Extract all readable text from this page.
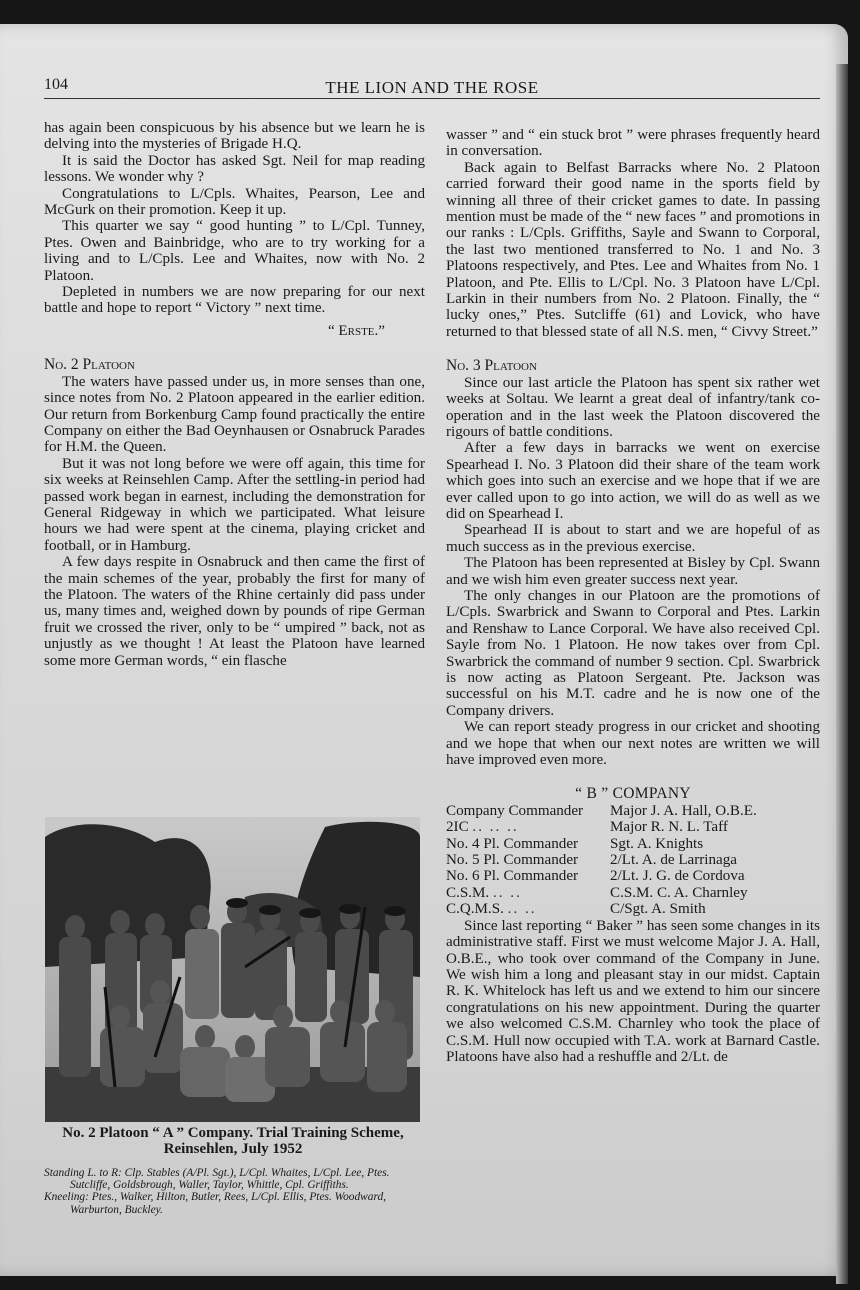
104	THE LION AND THE ROSE

has again been conspicuous by his absence but we learn he is delving into the mysteries of Brigade H.Q.

It is said the Doctor has asked Sgt. Neil for map reading lessons. We wonder why ?

Congratulations to L/Cpls. Whaites, Pearson, Lee and McGurk on their promotion. Keep it up.

This quarter we say “ good hunting ” to L/Cpl. Tunney, Ptes. Owen and Bainbridge, who are to try working for a living and to L/Cpls. Lee and Whaites, now with No. 2 Platoon.

Depleted in numbers we are now preparing for our next battle and hope to report “ Victory ” next time.

“ Erste.”

No. 2 Platoon

The waters have passed under us, in more senses than one, since notes from No. 2 Platoon appeared in the earlier edition. Our return from Borkenburg Camp found practically the entire Company on either the Bad Oeynhausen or Osnabruck Parades for H.M. the Queen.

But it was not long before we were off again, this time for six weeks at Reinsehlen Camp. After the settling-in period had passed work began in earnest, including the demonstration for General Ridgeway in which we participated. What leisure hours we had were spent at the cinema, playing cricket and football, or in Hamburg.

A few days respite in Osnabruck and then came the first of the main schemes of the year, probably the first for many of the Platoon. The waters of the Rhine certainly did pass under us, many times and, weighed down by pounds of ripe German fruit we crossed the river, only to be “ umpired ” back, not as unjustly as we thought ! At least the Platoon have learned some more German words, “ ein flasche

No. 2 Platoon “ A ” Company. Trial Training Scheme, Reinsehlen, July 1952

Standing L. to R: Clp. Stables (A/Pl. Sgt.), L/Cpl. Whaites, L/Cpl. Lee, Ptes. Sutcliffe, Goldsbrough, Waller, Taylor, Whittle, Cpl. Griffiths.

Kneeling: Ptes., Walker, Hilton, Butler, Rees, L/Cpl. Ellis, Ptes. Woodward, Warburton, Buckley.

wasser ” and “ ein stuck brot ” were phrases frequently heard in conversation.

Back again to Belfast Barracks where No. 2 Platoon carried forward their good name in the sports field by winning all three of their cricket games to date. In passing mention must be made of the “ new faces ” and promotions in our ranks : L/Cpls. Griffiths, Sayle and Swann to Corporal, the last two mentioned transferred to No. 1 and No. 3 Platoons respectively, and Ptes. Lee and Whaites from No. 1 Platoon, and Pte. Ellis to L/Cpl. No. 3 Platoon have L/Cpl. Larkin in their numbers from No. 2 Platoon. Finally, the “ lucky ones,” Ptes. Sutcliffe (61) and Lovick, who have returned to that blessed state of all N.S. men, “ Civvy Street.”

No. 3 Platoon

Since our last article the Platoon has spent six rather wet weeks at Soltau. We learnt a great deal of infantry/tank co-operation and in the last week the Platoon discovered the rigours of battle conditions.

After a few days in barracks we went on exercise Spearhead I. No. 3 Platoon did their share of the team work which goes into such an exercise and we hope that if we are ever called upon to go into action, we will do as well as we did on Spearhead I.

Spearhead II is about to start and we are hopeful of as much success as in the previous exercise.

The Platoon has been represented at Bisley by Cpl. Swann and we wish him even greater success next year.

The only changes in our Platoon are the promotions of L/Cpls. Swarbrick and Swann to Corporal and Ptes. Larkin and Renshaw to Lance Corporal. We have also received Cpl. Sayle from No. 1 Platoon. He now takes over from Cpl. Swarbrick the command of number 9 section. Cpl. Swarbrick is now acting as Platoon Sergeant. Pte. Jackson was successful on his M.T. cadre and he is now one of the Company drivers.

We can report steady progress in our cricket and shooting and we hope that when our next notes are written we will have improved even more.

“ B ” COMPANY

Company Commander	Major J. A. Hall, O.B.E.
2IC .. .. ..	Major R. N. L. Taff
No. 4 Pl. Commander	Sgt. A. Knights
No. 5 Pl. Commander	2/Lt. A. de Larrinaga
No. 6 Pl. Commander	2/Lt. J. G. de Cordova
C.S.M. .. ..	C.S.M. C. A. Charnley
C.Q.M.S. .. ..	C/Sgt. A. Smith

Since last reporting “ Baker ” has seen some changes in its administrative staff. First we must welcome Major J. A. Hall, O.B.E., who took over command of the Company in June. We wish him a long and pleasant stay in our midst. Captain R. K. Whitelock has left us and we extend to him our sincere congratulations on his new appointment. During the quarter we also welcomed C.S.M. Charnley who took the place of C.S.M. Hull now occupied with T.A. work at Barnard Castle. Platoons have also had a reshuffle and 2/Lt. de
